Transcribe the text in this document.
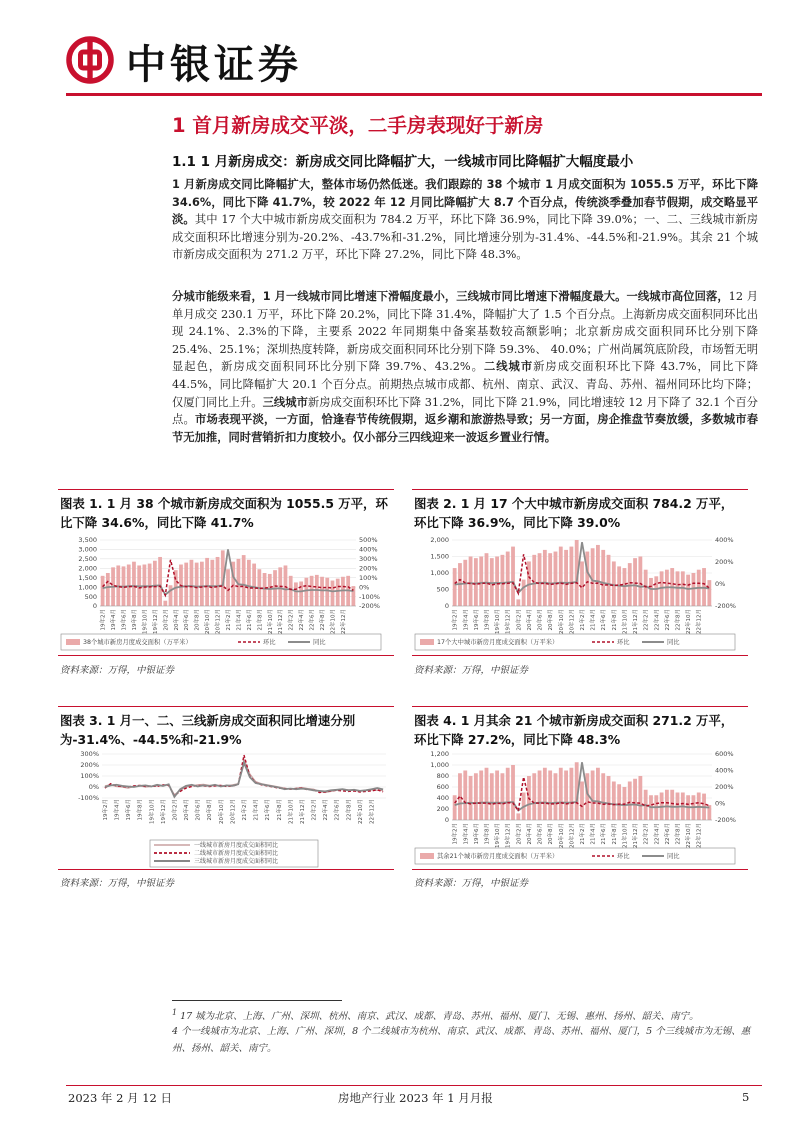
中银证券
1 首月新房成交平淡，二手房表现好于新房
1.1 1 月新房成交：新房成交同比降幅扩大，一线城市同比降幅扩大幅度最小
1 月新房成交同比降幅扩大，整体市场仍然低迷。我们跟踪的 38 个城市 1 月成交面积为 1055.5 万平，环比下降 34.6%，同比下降 41.7%，较 2022 年 12 月同比降幅扩大 8.7 个百分点，传统淡季叠加春节假期，成交略显平淡。其中 17 个大中城市新房成交面积为 784.2 万平，环比下降 36.9%，同比下降 39.0%；一、二、三线城市新房成交面积环比增速分别为-20.2%、-43.7%和-31.2%，同比增速分别为-31.4%、-44.5%和-21.9%。其余 21 个城市新房成交面积为 271.2 万平，环比下降 27.2%，同比下降 48.3%。
分城市能级来看，1 月一线城市同比增速下滑幅度最小，三线城市同比增速下滑幅度最大。一线城市高位回落，12 月单月成交 230.1 万平，环比下降 20.2%，同比下降 31.4%，降幅扩大了 1.5 个百分点。上海新房成交面积同环比出现 24.1%、2.3%的下降，主要系 2022 年同期集中备案基数较高额影响；北京新房成交面积同环比分别下降 25.4%、25.1%；深圳热度转降，新房成交面积同环比分别下降 59.3%、 40.0%；广州尚属筑底阶段，市场暂无明显起色，新房成交面积同环比分别下降 39.7%、43.2%。二线城市新房成交面积环比下降 43.7%，同比下降 44.5%，同比降幅扩大 20.1 个百分点。前期热点城市成都、杭州、南京、武汉、青岛、苏州、福州同环比均下降；仅厦门同比上升。三线城市新房成交面积环比下降 31.2%，同比下降 21.9%，同比增速较 12 月下降了 32.1 个百分点。市场表现平淡，一方面，恰逢春节传统假期，返乡潮和旅游热导致；另一方面，房企推盘节奏放缓，多数城市春节无加推，同时营销折扣力度较小。仅小部分三四线迎来一波返乡置业行情。
图表 1. 1 月 38 个城市新房成交面积为 1055.5 万平，环比下降 34.6%，同比下降 41.7%
图表 2. 1 月 17 个大中城市新房成交面积 784.2 万平，环比下降 36.9%，同比下降 39.0%
0
500
1,000
1,500
2,000
2,500
3,000
3,500
-200%
-100%
0%
100%
200%
300%
400%
500%
19年2月 19年4月 19年6月 19年8月 19年10月 19年12月 20年2月 20年4月 20年6月 20年8月 20年10月 20年12月 21年2月 21年4月 21年6月 21年8月 21年10月 21年12月 22年2月 22年4月 22年6月 22年8月 22年10月 22年12月
38个城市新房月度成交面积（万平米）	环比	同比
0
500
1,000
1,500
2,000
-200%
0%
200%
400%
19年2月 19年4月 19年6月 19年8月 19年10月 19年12月 20年2月 20年4月 20年6月 20年8月 20年10月 20年12月 21年2月 21年4月 21年6月 21年8月 21年10月 21年12月 22年2月 22年4月 22年6月 22年8月 22年10月 22年12月
17个大中城市新房月度成交面积（万平米）	环比	同比
资料来源：万得，中银证券	资料来源：万得，中银证券
图表 3. 1 月一、二、三线新房成交面积同比增速分别为-31.4%、-44.5%和-21.9%
图表 4. 1 月其余 21 个城市新房成交面积 271.2 万平，环比下降 27.2%，同比下降 48.3%
-100%
0%
100%
200%
300%
19年2月	19年4月	19年6月	19年8月	19年10月	19年12月	20年2月	20年4月	20年6月	20年8月	20年10月	20年12月	21年2月	21年4月	21年6月	21年8月	21年10月	21年12月	22年2月	22年4月	22年6月	22年8月	22年10月	22年12月
一线城市新房月度成交面积同比
二线城市新房月度成交面积同比
三线城市新房月度成交面积同比
0
200
400
600
800
1,000
1,200
-200%
0%
200%
400%
600%
19年2月 19年4月 19年6月 19年8月 19年10月 19年12月 20年2月 20年4月 20年6月 20年8月 20年10月 20年12月 21年2月 21年4月 21年6月 21年8月 21年10月 21年12月 22年2月 22年4月 22年6月 22年8月 22年10月 22年12月
其余21个城市新房月度成交面积（万平米）	环比	同比
资料来源：万得，中银证券	资料来源：万得，中银证券
$^1$ 17 城为北京、上海、广州、深圳、杭州、南京、武汉、成都、青岛、苏州、福州、厦门、无锡、惠州、扬州、韶关、南宁。
4 个一线城市为北京、上海、广州、深圳，8 个二线城市为杭州、南京、武汉、成都、青岛、苏州、福州、厦门，5 个三线城市为无锡、惠州、扬州、韶关、南宁。
2023 年 2 月 12 日	房地产行业 2023 年 1 月月报	5
